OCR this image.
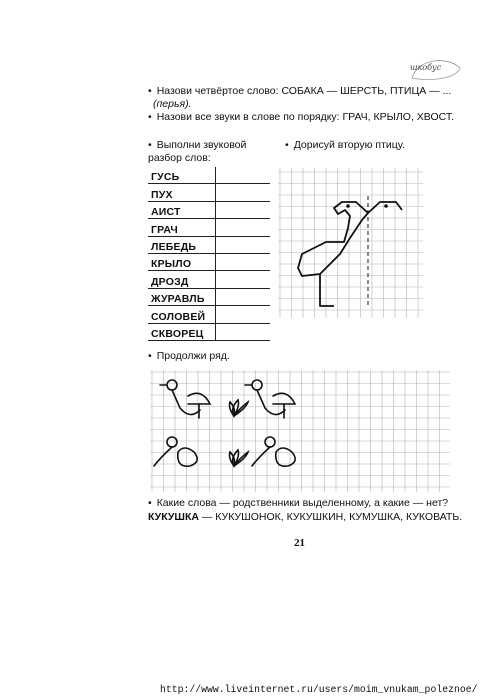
шкобус
• Назови четвёртое слово: СОБАКА — ШЕРСТЬ, ПТИЦА — ...
(перья).
• Назови все звуки в слове по порядку: ГРАЧ, КРЫЛО, ХВОСТ.
• Выполни звуковой
разбор слов:
• Дорисуй вторую птицу.
ГУСЬ
ПУХ
АИСТ
ГРАЧ
ЛЕБЕДЬ
КРЫЛО
ДРОЗД
ЖУРАВЛЬ
СОЛОВЕЙ
СКВОРЕЦ
• Продолжи ряд.
• Какие слова — родственники выделенному, а какие — нет?
КУКУШКА — КУКУШОНОК, КУКУШКИН, КУМУШКА, КУКОВАТЬ.
21
http://www.liveinternet.ru/users/moim_vnukam_poleznoe/
